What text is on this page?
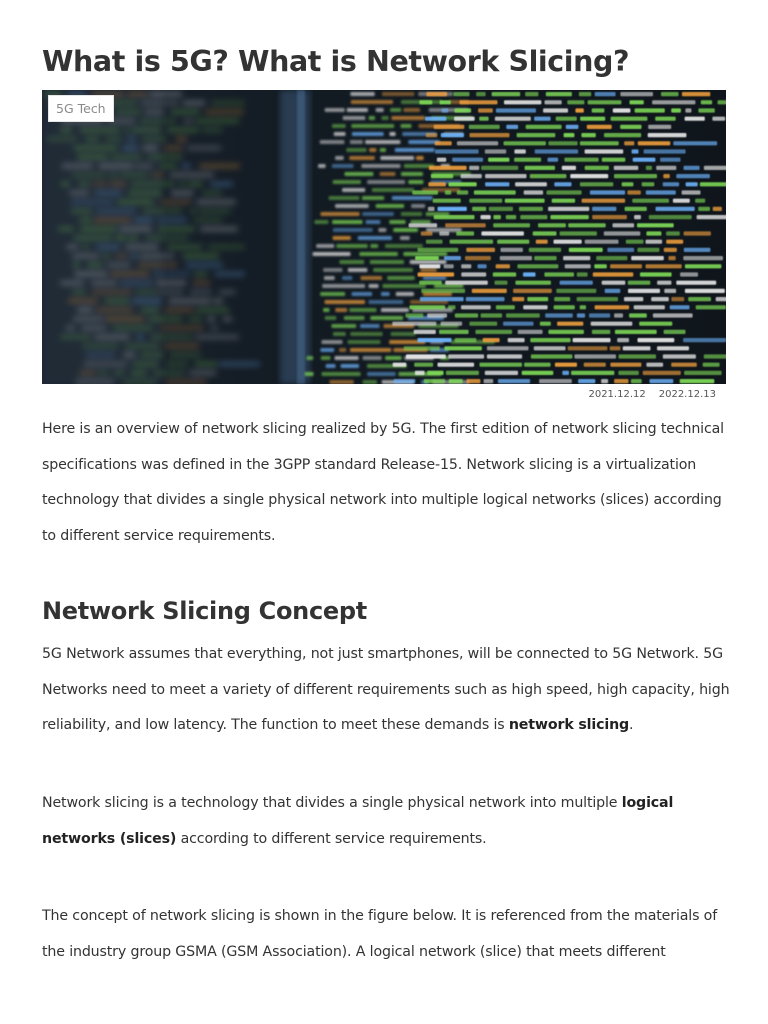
What is 5G? What is Network Slicing?
5G Tech
2021.12.12 2022.12.13

Here is an overview of network slicing realized by 5G. The first edition of network slicing technical specifications was defined in the 3GPP standard Release-15. Network slicing is a virtualization technology that divides a single physical network into multiple logical networks (slices) according to different service requirements.

Network Slicing Concept

5G Network assumes that everything, not just smartphones, will be connected to 5G Network. 5G Networks need to meet a variety of different requirements such as high speed, high capacity, high reliability, and low latency. The function to meet these demands is network slicing.

Network slicing is a technology that divides a single physical network into multiple logical networks (slices) according to different service requirements.

The concept of network slicing is shown in the figure below. It is referenced from the materials of the industry group GSMA (GSM Association). A logical network (slice) that meets different
